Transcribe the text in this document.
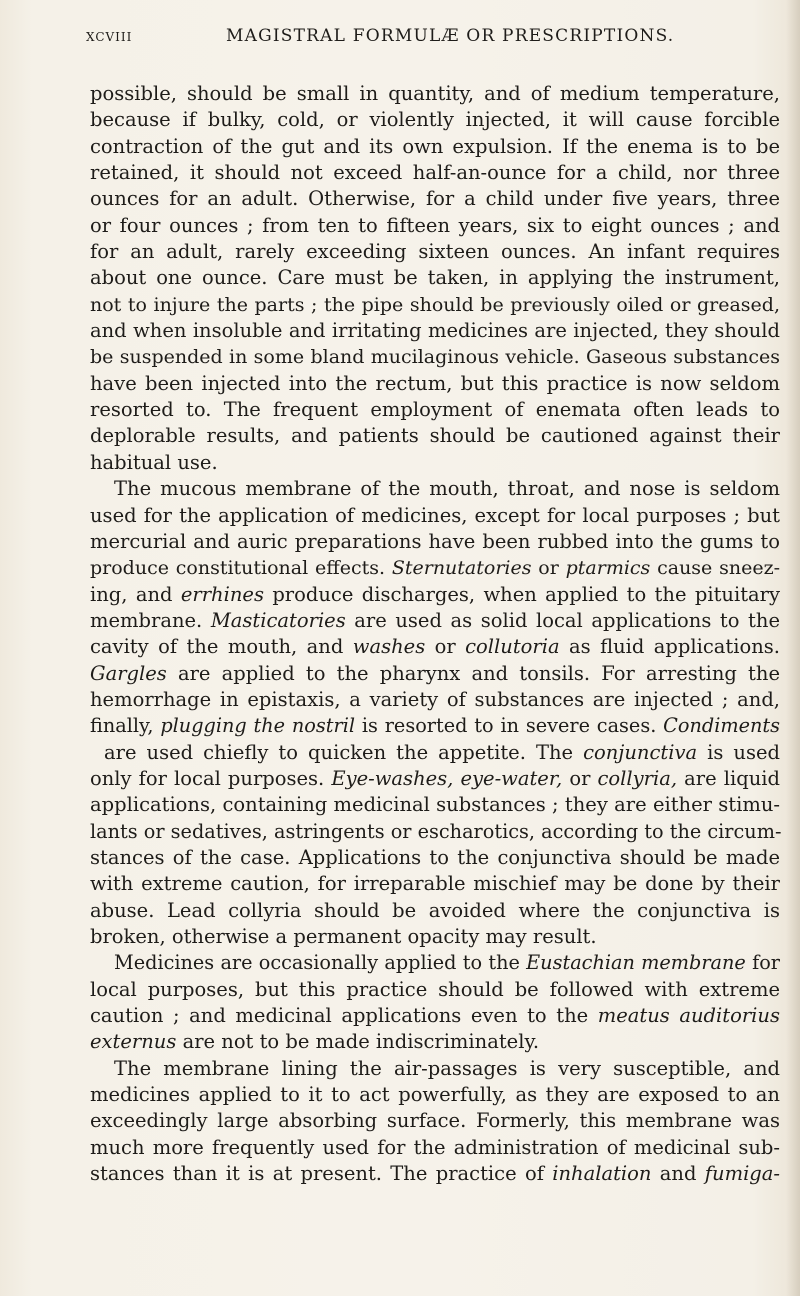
xcviii	MAGISTRAL FORMULÆ OR PRESCRIPTIONS.
possible, should be small in quantity, and of medium temperature,
because if bulky, cold, or violently injected, it will cause forcible
contraction of the gut and its own expulsion. If the enema is to be
retained, it should not exceed half-an-ounce for a child, nor three
ounces for an adult. Otherwise, for a child under five years, three
or four ounces ; from ten to fifteen years, six to eight ounces ; and
for an adult, rarely exceeding sixteen ounces. An infant requires
about one ounce. Care must be taken, in applying the instrument,
not to injure the parts ; the pipe should be previously oiled or greased,
and when insoluble and irritating medicines are injected, they should
be suspended in some bland mucilaginous vehicle. Gaseous substances
have been injected into the rectum, but this practice is now seldom
resorted to. The frequent employment of enemata often leads to
deplorable results, and patients should be cautioned against their
habitual use.
The mucous membrane of the mouth, throat, and nose is seldom
used for the application of medicines, except for local purposes ; but
mercurial and auric preparations have been rubbed into the gums to
produce constitutional effects. Sternutatories or ptarmics cause sneez-
ing, and errhines produce discharges, when applied to the pituitary
membrane. Masticatories are used as solid local applications to the
cavity of the mouth, and washes or collutoria as fluid applications.
Gargles are applied to the pharynx and tonsils. For arresting the
hemorrhage in epistaxis, a variety of substances are injected ; and,
finally, plugging the nostril is resorted to in severe cases. Condiments
are used chiefly to quicken the appetite. The conjunctiva is used
only for local purposes. Eye-washes, eye-water, or collyria, are liquid
applications, containing medicinal substances ; they are either stimu-
lants or sedatives, astringents or escharotics, according to the circum-
stances of the case. Applications to the conjunctiva should be made
with extreme caution, for irreparable mischief may be done by their
abuse. Lead collyria should be avoided where the conjunctiva is
broken, otherwise a permanent opacity may result.
Medicines are occasionally applied to the Eustachian membrane for
local purposes, but this practice should be followed with extreme
caution ; and medicinal applications even to the meatus auditorius
externus are not to be made indiscriminately.
The membrane lining the air-passages is very susceptible, and
medicines applied to it to act powerfully, as they are exposed to an
exceedingly large absorbing surface. Formerly, this membrane was
much more frequently used for the administration of medicinal sub-
stances than it is at present. The practice of inhalation and fumiga-
